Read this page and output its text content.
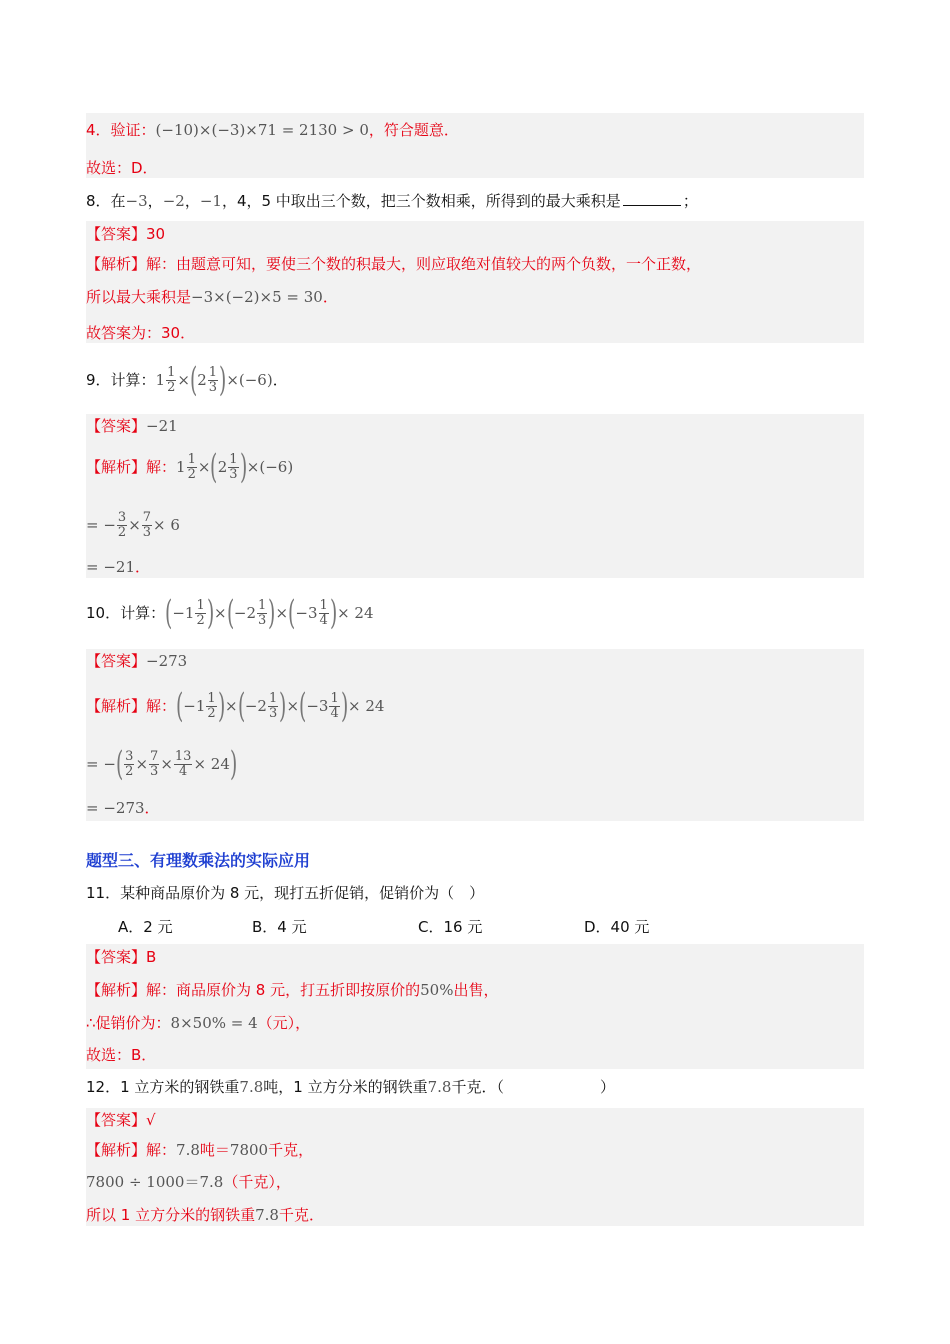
4．验证：(−10)×(−3)×71 = 2130 > 0，符合题意．
故选：D．
8．在−3，−2，−1，4，5 中取出三个数，把三个数相乘，所得到的最大乘积是	；
【答案】30
【解析】解：由题意可知，要使三个数的积最大，则应取绝对值较大的两个负数，一个正数，
所以最大乘积是−3×(−2)×5 = 30．
故答案为：30．
9．计算： $1 \frac{1}{2}$ × ( $2 \frac{1}{3}$ ) ×(−6) ．
【答案】−21
【解析】 解： $1 \frac{1}{2}$ × ( $2 \frac{1}{3}$ ) ×(−6)
= − $\frac{3}{2} \times \frac{7}{3} \times 6$
= −21．
10．计算： ( $-1 \frac{1}{2}$ ) × ( $-2 \frac{1}{3}$ ) × ( $-3 \frac{1}{4}$ ) × 24
【答案】−273
【解析】 解： ( $-1 \frac{1}{2}$ ) × ( $-2 \frac{1}{3}$ ) × ( $-3 \frac{1}{4}$ ) × 24
= − ( $\frac{3}{2} \times \frac{7}{3} \times \frac{13}{4} \times 24$ )
= −273．
题型三、有理数乘法的实际应用
11．某种商品原价为 8 元，现打五折促销，促销价为（　）
A．2 元	B．4 元	C．16 元	D．40 元
【答案】B
【解析】解：商品原价为 8 元，打五折即按原价的50%出售，
∴促销价为：8×50% = 4（元），
故选：B．
12．1 立方米的钢铁重7.8吨，1 立方分米的钢铁重7.8千克．（	）
【答案】√
【解析】解：7.8吨＝7800千克，
7800 ÷ 1000＝7.8（千克），
所以 1 立方分米的钢铁重7.8千克．
